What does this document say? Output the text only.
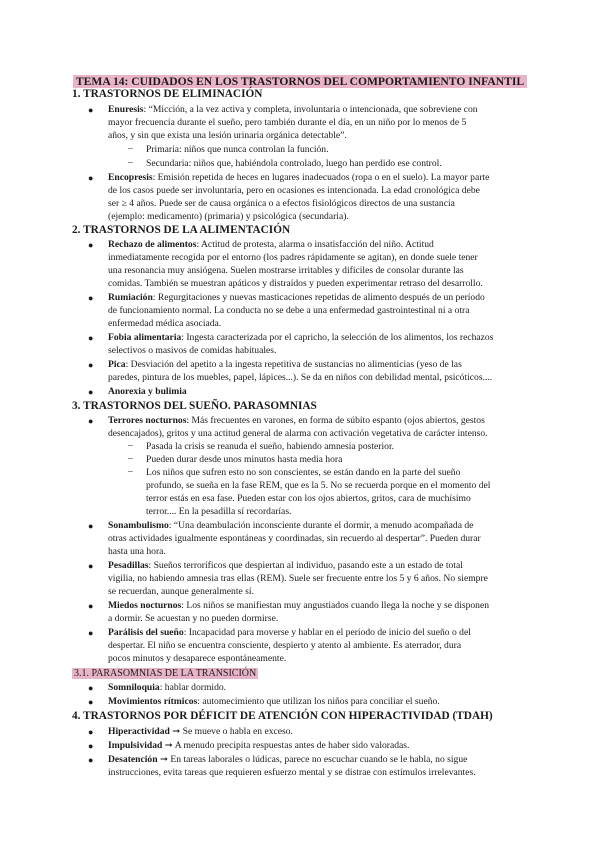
TEMA 14: CUIDADOS EN LOS TRASTORNOS DEL COMPORTAMIENTO INFANTIL
1. TRASTORNOS DE ELIMINACIÓN
● Enuresis: “Micción, a la vez activa y completa, involuntaria o intencionada, que sobreviene con
mayor frecuencia durante el sueño, pero también durante el día, en un niño por lo menos de 5
años, y sin que exista una lesión urinaria orgánica detectable”.
– Primaria: niños que nunca controlan la función.
– Secundaria: niños que, habiéndola controlado, luego han perdido ese control.
● Encopresis: Emisión repetida de heces en lugares inadecuados (ropa o en el suelo). La mayor parte
de los casos puede ser involuntaria, pero en ocasiones es intencionada. La edad cronológica debe
ser ≥ 4 años. Puede ser de causa orgánica o a efectos fisiológicos directos de una sustancia
(ejemplo: medicamento) (primaria) y psicológica (secundaria).
2. TRASTORNOS DE LA ALIMENTACIÓN
● Rechazo de alimentos: Actitud de protesta, alarma o insatisfacción del niño. Actitud
inmediatamente recogida por el entorno (los padres rápidamente se agitan), en donde suele tener
una resonancia muy ansiógena. Suelen mostrarse irritables y difíciles de consolar durante las
comidas. También se muestran apáticos y distraídos y pueden experimentar retraso del desarrollo.
● Rumiación: Regurgitaciones y nuevas masticaciones repetidas de alimento después de un período
de funcionamiento normal. La conducta no se debe a una enfermedad gastrointestinal ni a otra
enfermedad médica asociada.
● Fobia alimentaria: Ingesta caracterizada por el capricho, la selección de los alimentos, los rechazos
selectivos o masivos de comidas habituales.
● Pica: Desviación del apetito a la ingesta repetitiva de sustancias no alimenticias (yeso de las
paredes, pintura de los muebles, papel, lápices...). Se da en niños con debilidad mental, psicóticos....
● Anorexia y bulimia
3. TRASTORNOS DEL SUEÑO. PARASOMNIAS
● Terrores nocturnos: Más frecuentes en varones, en forma de súbito espanto (ojos abiertos, gestos
desencajados), gritos y una actitud general de alarma con activación vegetativa de carácter intenso.
– Pasada la crisis se reanuda el sueño, habiendo amnesia posterior.
– Pueden durar desde unos minutos hasta media hora
– Los niños que sufren esto no son conscientes, se están dando en la parte del sueño
profundo, se sueña en la fase REM, que es la 5. No se recuerda porque en el momento del
terror estás en esa fase. Pueden estar con los ojos abiertos, gritos, cara de muchísimo
terror.... En la pesadilla sí recordarías.
● Sonambulismo: “Una deambulación inconsciente durante el dormir, a menudo acompañada de
otras actividades igualmente espontáneas y coordinadas, sin recuerdo al despertar”. Pueden durar
hasta una hora.
● Pesadillas: Sueños terroríficos que despiertan al individuo, pasando este a un estado de total
vigilia, no habiendo amnesia tras ellas (REM). Suele ser frecuente entre los 5 y 6 años. No siempre
se recuerdan, aunque generalmente sí.
● Miedos nocturnos: Los niños se manifiestan muy angustiados cuando llega la noche y se disponen
a dormir. Se acuestan y no pueden dormirse.
● Parálisis del sueño: Incapacidad para moverse y hablar en el período de inicio del sueño o del
despertar. El niño se encuentra consciente, despierto y atento al ambiente. Es aterrador, dura
pocos minutos y desaparece espontáneamente.
3.1. PARASOMNIAS DE LA TRANSICIÓN
● Somniloquia: hablar dormido.
● Movimientos rítmicos: automecimiento que utilizan los niños para conciliar el sueño.
4. TRASTORNOS POR DÉFICIT DE ATENCIÓN CON HIPERACTIVIDAD (TDAH)
● Hiperactividad ➞ Se mueve o habla en exceso.
● Impulsividad ➞ A menudo precipita respuestas antes de haber sido valoradas.
● Desatención ➞ En tareas laborales o lúdicas, parece no escuchar cuando se le habla, no sigue
instrucciones, evita tareas que requieren esfuerzo mental y se distrae con estímulos irrelevantes.
